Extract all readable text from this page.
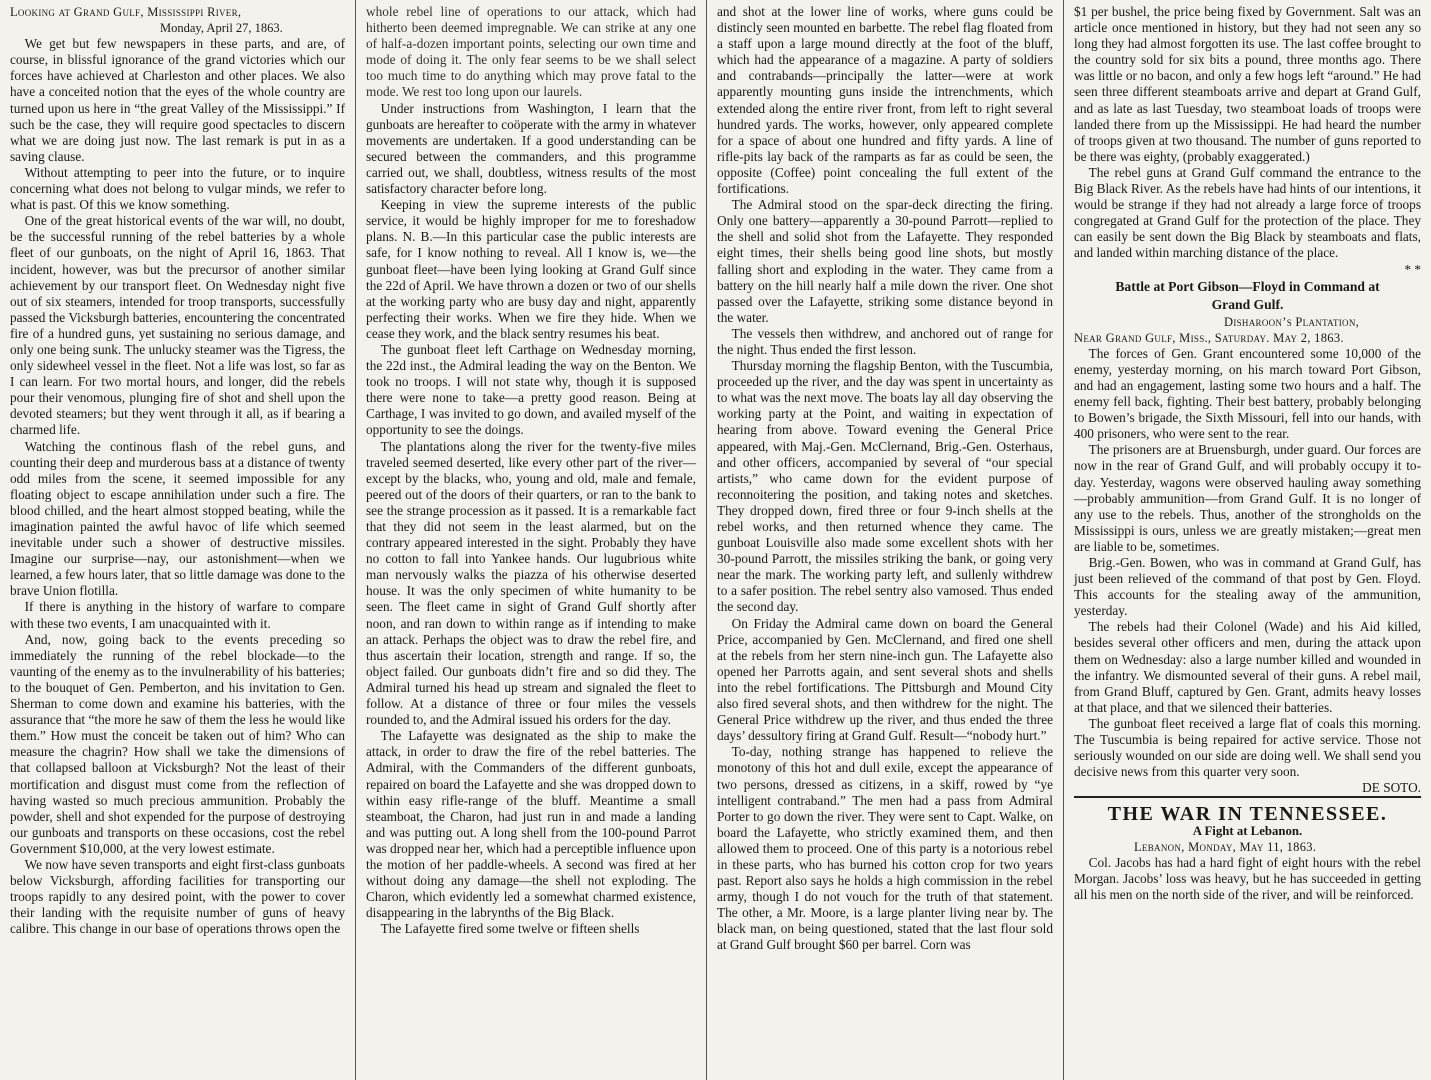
Looking at Grand Gulf, Mississippi River,
Monday, April 27, 1863.

We get but few newspapers in these parts, and are, of course, in blissful ignorance of the grand victories which our forces have achieved at Charleston and other places. We also have a conceited notion that the eyes of the whole country are turned upon us here in “the great Valley of the Mississippi.” If such be the case, they will require good spectacles to discern what we are doing just now. The last remark is put in as a saving clause.

Without attempting to peer into the future, or to inquire concerning what does not belong to vulgar minds, we refer to what is past. Of this we know something.

One of the great historical events of the war will, no doubt, be the successful running of the rebel batteries by a whole fleet of our gunboats, on the night of April 16, 1863. That incident, however, was but the precursor of another similar achievement by our transport fleet. On Wednesday night five out of six steamers, intended for troop transports, successfully passed the Vicksburgh batteries, encountering the concentrated fire of a hundred guns, yet sustaining no serious damage, and only one being sunk. The unlucky steamer was the Tigress, the only sidewheel vessel in the fleet. Not a life was lost, so far as I can learn. For two mortal hours, and longer, did the rebels pour their venomous, plunging fire of shot and shell upon the devoted steamers; but they went through it all, as if bearing a charmed life.

Watching the continous flash of the rebel guns, and counting their deep and murderous bass at a distance of twenty odd miles from the scene, it seemed impossible for any floating object to escape annihilation under such a fire. The blood chilled, and the heart almost stopped beating, while the imagination painted the awful havoc of life which seemed inevitable under such a shower of destructive missiles. Imagine our surprise—nay, our astonishment—when we learned, a few hours later, that so little damage was done to the brave Union flotilla.

If there is anything in the history of warfare to compare with these two events, I am unacquainted with it.

And, now, going back to the events preceding so immediately the running of the rebel blockade—to the vaunting of the enemy as to the invulnerability of his batteries; to the bouquet of Gen. Pemberton, and his invitation to Gen. Sherman to come down and examine his batteries, with the assurance that “the more he saw of them the less he would like them.” How must the conceit be taken out of him? Who can measure the chagrin? How shall we take the dimensions of that collapsed balloon at Vicksburgh? Not the least of their mortification and disgust must come from the reflection of having wasted so much precious ammunition. Probably the powder, shell and shot expended for the purpose of destroying our gunboats and transports on these occasions, cost the rebel Government $10,000, at the very lowest estimate.

We now have seven transports and eight first-class gunboats below Vicksburgh, affording facilities for transporting our troops rapidly to any desired point, with the power to cover their landing with the requisite number of guns of heavy calibre. This change in our base of operations throws open the

whole rebel line of operations to our attack, which had hitherto been deemed impregnable. We can strike at any one of half-a-dozen important points, selecting our own time and mode of doing it. The only fear seems to be we shall select too much time to do anything which may prove fatal to the mode. We rest too long upon our laurels.

Under instructions from Washington, I learn that the gunboats are hereafter to coöperate with the army in whatever movements are undertaken. If a good understanding can be secured between the commanders, and this programme carried out, we shall, doubtless, witness results of the most satisfactory character before long.

Keeping in view the supreme interests of the public service, it would be highly improper for me to foreshadow plans. N. B.—In this particular case the public interests are safe, for I know nothing to reveal. All I know is, we—the gunboat fleet—have been lying looking at Grand Gulf since the 22d of April. We have thrown a dozen or two of our shells at the working party who are busy day and night, apparently perfecting their works. When we fire they hide. When we cease they work, and the black sentry resumes his beat.

The gunboat fleet left Carthage on Wednesday morning, the 22d inst., the Admiral leading the way on the Benton. We took no troops. I will not state why, though it is supposed there were none to take—a pretty good reason. Being at Carthage, I was invited to go down, and availed myself of the opportunity to see the doings.

The plantations along the river for the twenty-five miles traveled seemed deserted, like every other part of the river—except by the blacks, who, young and old, male and female, peered out of the doors of their quarters, or ran to the bank to see the strange procession as it passed. It is a remarkable fact that they did not seem in the least alarmed, but on the contrary appeared interested in the sight. Probably they have no cotton to fall into Yankee hands. Our lugubrious white man nervously walks the piazza of his otherwise deserted house. It was the only specimen of white humanity to be seen. The fleet came in sight of Grand Gulf shortly after noon, and ran down to within range as if intending to make an attack. Perhaps the object was to draw the rebel fire, and thus ascertain their location, strength and range. If so, the object failed. Our gunboats didn’t fire and so did they. The Admiral turned his head up stream and signaled the fleet to follow. At a distance of three or four miles the vessels rounded to, and the Admiral issued his orders for the day.

The Lafayette was designated as the ship to make the attack, in order to draw the fire of the rebel batteries. The Admiral, with the Commanders of the different gunboats, repaired on board the Lafayette and she was dropped down to within easy rifle-range of the bluff. Meantime a small steamboat, the Charon, had just run in and made a landing and was putting out. A long shell from the 100-pound Parrot was dropped near her, which had a perceptible influence upon the motion of her paddle-wheels. A second was fired at her without doing any damage—the shell not exploding. The Charon, which evidently led a somewhat charmed existence, disappearing in the labrynths of the Big Black.

The Lafayette fired some twelve or fifteen shells

and shot at the lower line of works, where guns could be distincly seen mounted en barbette. The rebel flag floated from a staff upon a large mound directly at the foot of the bluff, which had the appearance of a magazine. A party of soldiers and contrabands—principally the latter—were at work apparently mounting guns inside the intrenchments, which extended along the entire river front, from left to right several hundred yards. The works, however, only appeared complete for a space of about one hundred and fifty yards. A line of rifle-pits lay back of the ramparts as far as could be seen, the opposite (Coffee) point concealing the full extent of the fortifications.

The Admiral stood on the spar-deck directing the firing. Only one battery—apparently a 30-pound Parrott—replied to the shell and solid shot from the Lafayette. They responded eight times, their shells being good line shots, but mostly falling short and exploding in the water. They came from a battery on the hill nearly half a mile down the river. One shot passed over the Lafayette, striking some distance beyond in the water.

The vessels then withdrew, and anchored out of range for the night. Thus ended the first lesson.

Thursday morning the flagship Benton, with the Tuscumbia, proceeded up the river, and the day was spent in uncertainty as to what was the next move. The boats lay all day observing the working party at the Point, and waiting in expectation of hearing from above. Toward evening the General Price appeared, with Maj.-Gen. McClernand, Brig.-Gen. Osterhaus, and other officers, accompanied by several of “our special artists,” who came down for the evident purpose of reconnoitering the position, and taking notes and sketches. They dropped down, fired three or four 9-inch shells at the rebel works, and then returned whence they came. The gunboat Louisville also made some excellent shots with her 30-pound Parrott, the missiles striking the bank, or going very near the mark. The working party left, and sullenly withdrew to a safer position. The rebel sentry also vamosed. Thus ended the second day.

On Friday the Admiral came down on board the General Price, accompanied by Gen. McClernand, and fired one shell at the rebels from her stern nine-inch gun. The Lafayette also opened her Parrotts again, and sent several shots and shells into the rebel fortifications. The Pittsburgh and Mound City also fired several shots, and then withdrew for the night. The General Price withdrew up the river, and thus ended the three days’ dessultory firing at Grand Gulf. Result—“nobody hurt.”

To-day, nothing strange has happened to relieve the monotony of this hot and dull exile, except the appearance of two persons, dressed as citizens, in a skiff, rowed by “ye intelligent contraband.” The men had a pass from Admiral Porter to go down the river. They were sent to Capt. Walke, on board the Lafayette, who strictly examined them, and then allowed them to proceed. One of this party is a notorious rebel in these parts, who has burned his cotton crop for two years past. Report also says he holds a high commission in the rebel army, though I do not vouch for the truth of that statement. The other, a Mr. Moore, is a large planter living near by. The black man, on being questioned, stated that the last flour sold at Grand Gulf brought $60 per barrel. Corn was

$1 per bushel, the price being fixed by Government. Salt was an article once mentioned in history, but they had not seen any so long they had almost forgotten its use. The last coffee brought to the country sold for six bits a pound, three months ago. There was little or no bacon, and only a few hogs left “around.” He had seen three different steamboats arrive and depart at Grand Gulf, and as late as last Tuesday, two steamboat loads of troops were landed there from up the Mississippi. He had heard the number of troops given at two thousand. The number of guns reported to be there was eighty, (probably exaggerated.)

The rebel guns at Grand Gulf command the entrance to the Big Black River. As the rebels have had hints of our intentions, it would be strange if they had not already a large force of troops congregated at Grand Gulf for the protection of the place. They can easily be sent down the Big Black by steamboats and flats, and landed within marching distance of the place.

* *

Battle at Port Gibson—Floyd in Command at
Grand Gulf.

Disharoon’s Plantation,
Near Grand Gulf, Miss., Saturday. May 2, 1863.

The forces of Gen. Grant encountered some 10,000 of the enemy, yesterday morning, on his march toward Port Gibson, and had an engagement, lasting some two hours and a half. The enemy fell back, fighting. Their best battery, probably belonging to Bowen’s brigade, the Sixth Missouri, fell into our hands, with 400 prisoners, who were sent to the rear.

The prisoners are at Bruensburgh, under guard. Our forces are now in the rear of Grand Gulf, and will probably occupy it to-day. Yesterday, wagons were observed hauling away something—probably ammunition—from Grand Gulf. It is no longer of any use to the rebels. Thus, another of the strongholds on the Mississippi is ours, unless we are greatly mistaken;—great men are liable to be, sometimes.

Brig.-Gen. Bowen, who was in command at Grand Gulf, has just been relieved of the command of that post by Gen. Floyd. This accounts for the stealing away of the ammunition, yesterday.

The rebels had their Colonel (Wade) and his Aid killed, besides several other officers and men, during the attack upon them on Wednesday: also a large number killed and wounded in the infantry. We dismounted several of their guns. A rebel mail, from Grand Bluff, captured by Gen. Grant, admits heavy losses at that place, and that we silenced their batteries.

The gunboat fleet received a large flat of coals this morning. The Tuscumbia is being repaired for active service. Those not seriously wounded on our side are doing well. We shall send you decisive news from this quarter very soon.

DE SOTO.

THE WAR IN TENNESSEE.

A Fight at Lebanon.

Lebanon, Monday, May 11, 1863.

Col. Jacobs has had a hard fight of eight hours with the rebel Morgan. Jacobs’ loss was heavy, but he has succeeded in getting all his men on the north side of the river, and will be reinforced.
